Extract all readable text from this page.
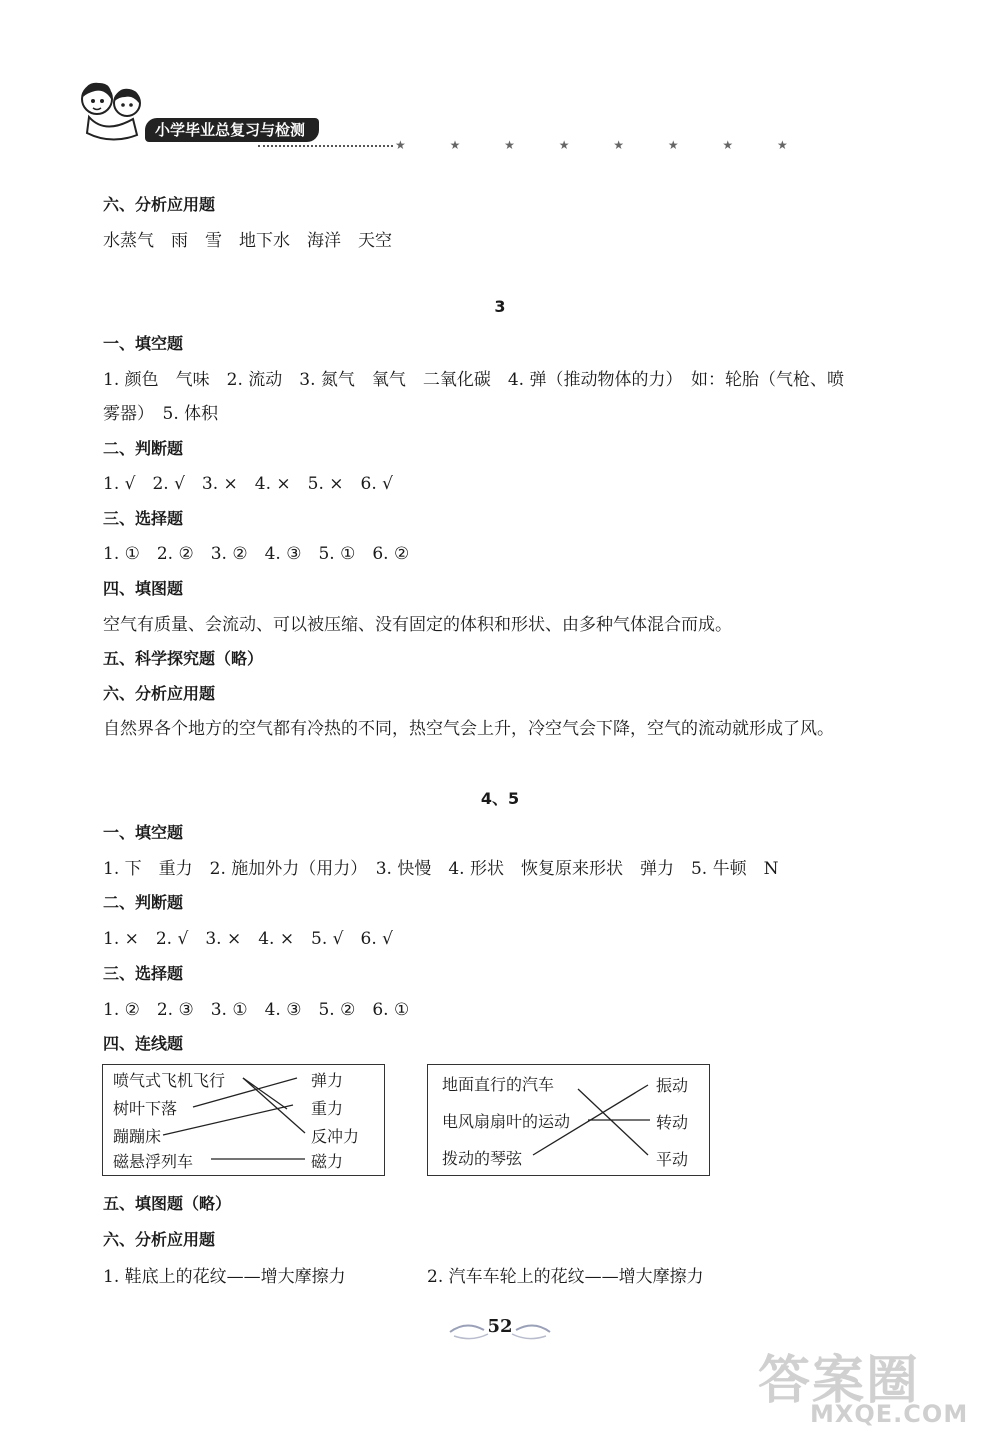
小学毕业总复习与检测
★ ★ ★ ★ ★ ★ ★ ★
六、分析应用题
水蒸气　雨　雪　地下水　海洋　天空
3
一、填空题
1. 颜色　气味　2. 流动　3. 氮气　氧气　二氧化碳　4. 弹（推动物体的力）　如：轮胎（气枪、喷
雾器）　5. 体积
二、判断题
1. √　2. √　3. ×　4. ×　5. ×　6. √
三、选择题
1. ①　2. ②　3. ②　4. ③　5. ①　6. ②
四、填图题
空气有质量、会流动、可以被压缩、没有固定的体积和形状、由多种气体混合而成。
五、科学探究题（略）
六、分析应用题
自然界各个地方的空气都有冷热的不同，热空气会上升，冷空气会下降，空气的流动就形成了风。
4、5
一、填空题
1. 下　重力　2. 施加外力（用力）　3. 快慢　4. 形状　恢复原来形状　弹力　5. 牛顿　N
二、判断题
1. ×　2. √　3. ×　4. ×　5. √　6. √
三、选择题
1. ②　2. ③　3. ①　4. ③　5. ②　6. ①
四、连线题
喷气式飞机飞行
树叶下落
蹦蹦床
磁悬浮列车
弹力
重力
反冲力
磁力
地面直行的汽车
电风扇扇叶的运动
拨动的琴弦
振动
转动
平动
五、填图题（略）
六、分析应用题
1. 鞋底上的花纹——增大摩擦力	2. 汽车车轮上的花纹——增大摩擦力
52
答案圈
MXQE.COM
